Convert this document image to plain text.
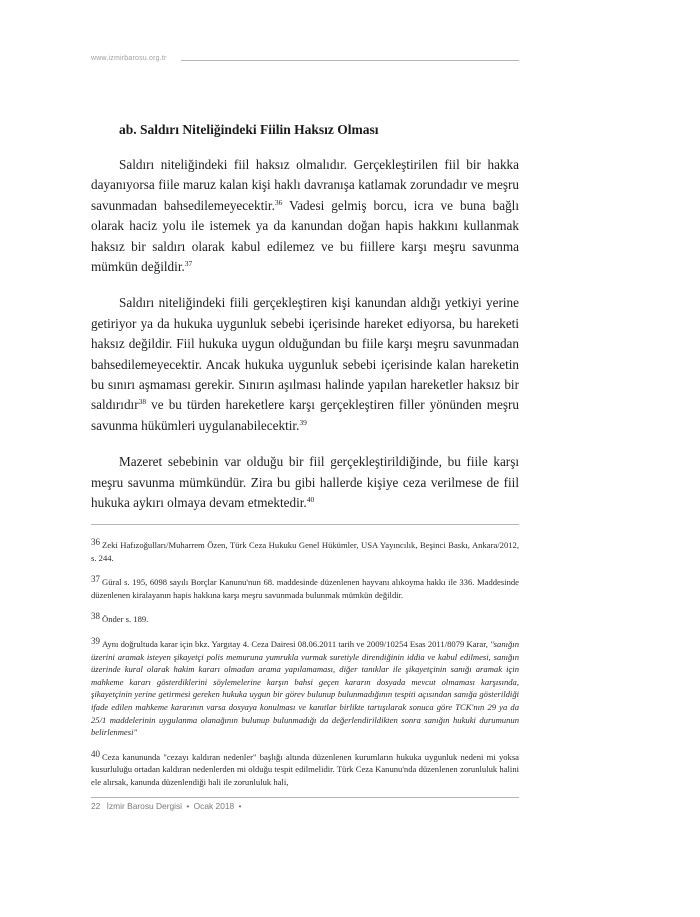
www.izmirbarosu.org.tr
ab. Saldırı Niteliğindeki Fiilin Haksız Olması

Saldırı niteliğindeki fiil haksız olmalıdır. Gerçekleştirilen fiil bir hakka dayanıyorsa fiile maruz kalan kişi haklı davranışa katlamak zorundadır ve meşru savunmadan bahsedilemeyecektir.$^{36}$ Vadesi gelmiş borcu, icra ve buna bağlı olarak haciz yolu ile istemek ya da kanundan doğan hapis hakkını kullanmak haksız bir saldırı olarak kabul edilemez ve bu fiillere karşı meşru savunma mümkün değildir.$^{37}$

Saldırı niteliğindeki fiili gerçekleştiren kişi kanundan aldığı yetkiyi yerine getiriyor ya da hukuka uygunluk sebebi içerisinde hareket ediyorsa, bu hareketi haksız değildir. Fiil hukuka uygun olduğundan bu fiile karşı meşru savunmadan bahsedilemeyecektir. Ancak hukuka uygunluk sebebi içerisinde kalan hareketin bu sınırı aşmaması gerekir. Sınırın aşılması halinde yapılan hareketler haksız bir saldırıdır$^{38}$ ve bu türden hareketlere karşı gerçekleştiren filler yönünden meşru savunma hükümleri uygulanabilecektir.$^{39}$

Mazeret sebebinin var olduğu bir fiil gerçekleştirildiğinde, bu fiile karşı meşru savunma mümkündür. Zira bu gibi hallerde kişiye ceza verilmese de fiil hukuka aykırı olmaya devam etmektedir.$^{40}$

36 Zeki Hafızoğulları/Muharrem Özen, Türk Ceza Hukuku Genel Hükümler, USA Yayıncılık, Beşinci Baskı, Ankara/2012, s. 244.

37 Güral s. 195, 6098 sayılı Borçlar Kanunu'nun 68. maddesinde düzenlenen hayvanı alıkoyma hakkı ile 336. Maddesinde düzenlenen kiralayanın hapis hakkına karşı meşru savunmada bulunmak mümkün değildir.

38 Önder s. 189.

39 Aynı doğrultuda karar için bkz. Yargıtay 4. Ceza Dairesi 08.06.2011 tarih ve 2009/10254 Esas 2011/8079 Karar, "sanığın üzerini aramak isteyen şikayetçi polis memuruna yumrukla vurmak suretiyle direndiğinin iddia ve kabul edilmesi, sanığın üzerinde kural olarak hakim kararı olmadan arama yapılamaması, diğer tanıklar ile şikayetçinin sanığı aramak için mahkeme kararı gösterdiklerini söylemelerine karşın bahsi geçen kararın dosyada mevcut olmaması karşısında, şikayetçinin yerine getirmesi gereken hukuka uygun bir görev bulunup bulunmadığının tespiti açısından sanığa gösterildiği ifade edilen mahkeme kararının varsa dosyaya konulması ve kanıtlar birlikte tartışılarak sonuca göre TCK'nın 29 ya da 25/1 maddelerinin uygulanma olanağının bulunup bulunmadığı da değerlendirildikten sonra sanığın hukuki durumunun belirlenmesi"

40 Ceza kanununda "cezayı kaldıran nedenler" başlığı altında düzenlenen kurumların hukuka uygunluk nedeni mi yoksa kusurluluğu ortadan kaldıran nedenlerden mi olduğu tespit edilmelidir. Türk Ceza Kanunu'nda düzenlenen zorunluluk halini ele alırsak, kanunda düzenlendiği hali ile zorunluluk hali,

22 İzmir Barosu Dergisi • Ocak 2018 •
